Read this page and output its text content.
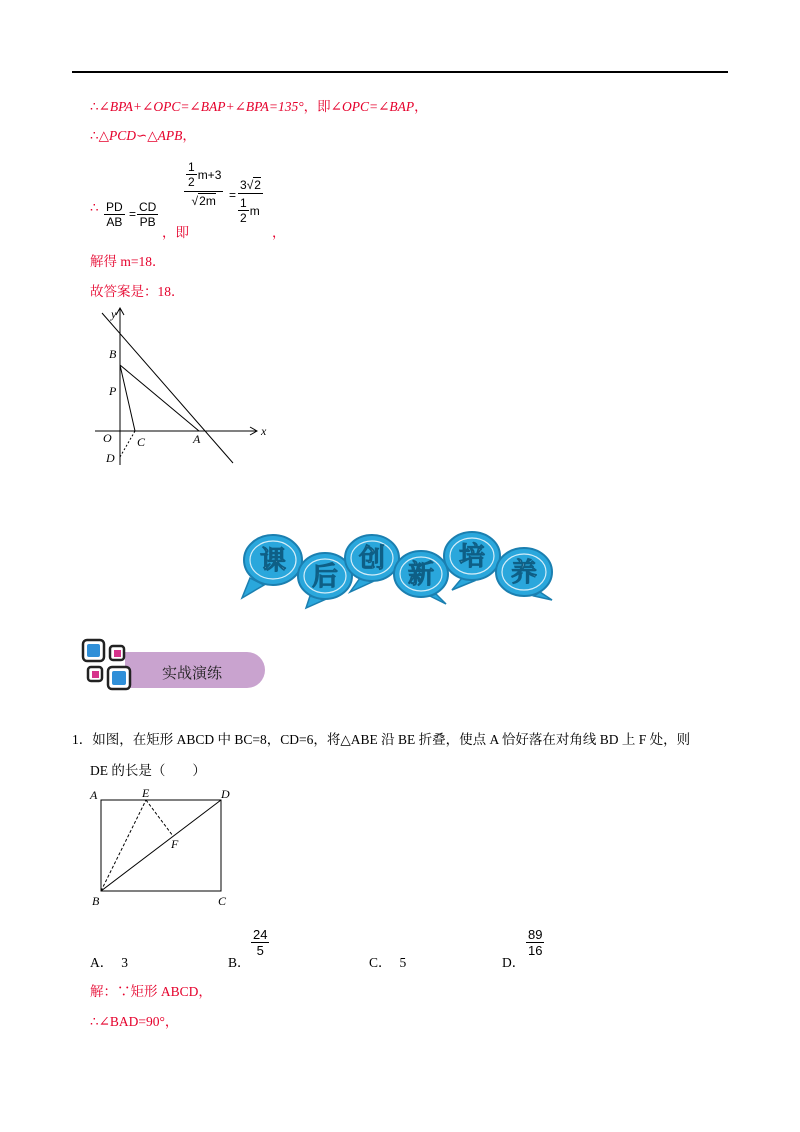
∴∠BPA+∠OPC=∠BAP+∠BPA=135°，即∠OPC=∠BAP，
∴△PCD∽△APB，
∴ $\frac{PD}{AB} = \frac{CD}{PB}$
，即
$\frac{\frac{1}{2} m+3}{√2m} = \frac{3√2}{\frac{1}{2} m}$
，
解得 m=18．
故答案是：18．
y
x
B
P
O C	A
D
课
后
创
新
培
养
实战演练
1．如图，在矩形 ABCD 中 BC=8，CD=6，将△ABE 沿 BE 折叠，使点 A 恰好落在对角线 BD 上 F 处，则
DE 的长是（　　）
A	E	D
F
B	C
A． 3	B．
$\frac{24}{5}$
C． 5	D．
$\frac{89}{16}$
解：∵矩形 ABCD，
∴∠BAD=90°，
